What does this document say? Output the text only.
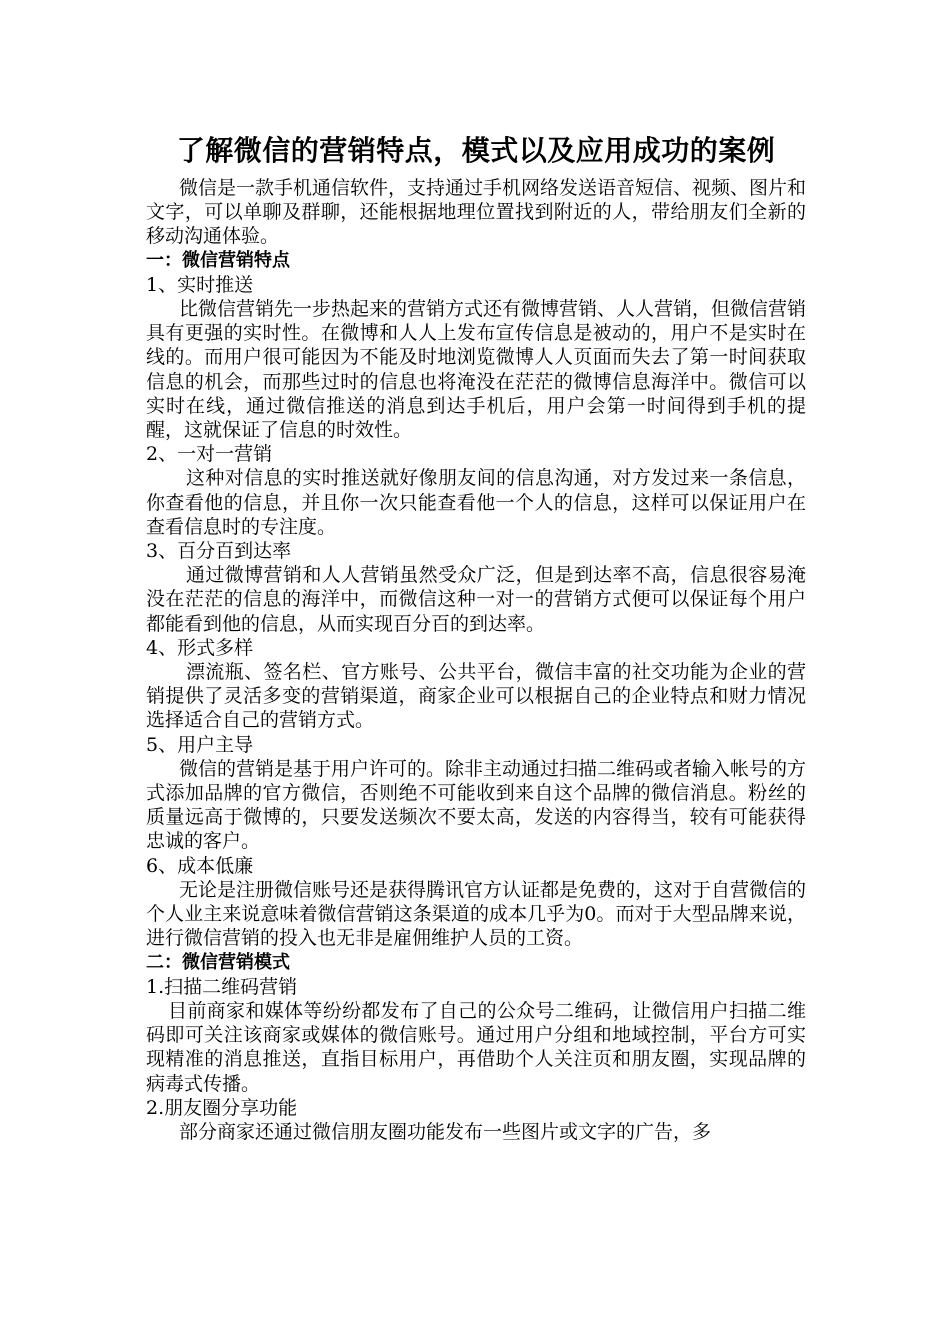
了解微信的营销特点，模式以及应用成功的案例

微信是一款手机通信软件，支持通过手机网络发送语音短信、视频、图片和文字，可以单聊及群聊，还能根据地理位置找到附近的人，带给朋友们全新的移动沟通体验。

一：微信营销特点
1、实时推送

比微信营销先一步热起来的营销方式还有微博营销、人人营销，但微信营销具有更强的实时性。在微博和人人上发布宣传信息是被动的，用户不是实时在线的。而用户很可能因为不能及时地浏览微博人人页面而失去了第一时间获取信息的机会，而那些过时的信息也将淹没在茫茫的微博信息海洋中。微信可以实时在线，通过微信推送的消息到达手机后，用户会第一时间得到手机的提醒，这就保证了信息的时效性。

2、一对一营销

这种对信息的实时推送就好像朋友间的信息沟通，对方发过来一条信息，你查看他的信息，并且你一次只能查看他一个人的信息，这样可以保证用户在查看信息时的专注度。

3、百分百到达率

通过微博营销和人人营销虽然受众广泛，但是到达率不高，信息很容易淹没在茫茫的信息的海洋中，而微信这种一对一的营销方式便可以保证每个用户都能看到他的信息，从而实现百分百的到达率。

4、形式多样

漂流瓶、签名栏、官方账号、公共平台，微信丰富的社交功能为企业的营销提供了灵活多变的营销渠道，商家企业可以根据自己的企业特点和财力情况选择适合自己的营销方式。

5、用户主导

微信的营销是基于用户许可的。除非主动通过扫描二维码或者输入帐号的方式添加品牌的官方微信，否则绝不可能收到来自这个品牌的微信消息。粉丝的质量远高于微博的，只要发送频次不要太高，发送的内容得当，较有可能获得忠诚的客户。

6、成本低廉

无论是注册微信账号还是获得腾讯官方认证都是免费的，这对于自营微信的个人业主来说意味着微信营销这条渠道的成本几乎为0。而对于大型品牌来说，进行微信营销的投入也无非是雇佣维护人员的工资。

二：微信营销模式
1.扫描二维码营销

目前商家和媒体等纷纷都发布了自己的公众号二维码，让微信用户扫描二维码即可关注该商家或媒体的微信账号。通过用户分组和地域控制，平台方可实现精准的消息推送，直指目标用户，再借助个人关注页和朋友圈，实现品牌的病毒式传播。

2.朋友圈分享功能

部分商家还通过微信朋友圈功能发布一些图片或文字的广告，多
